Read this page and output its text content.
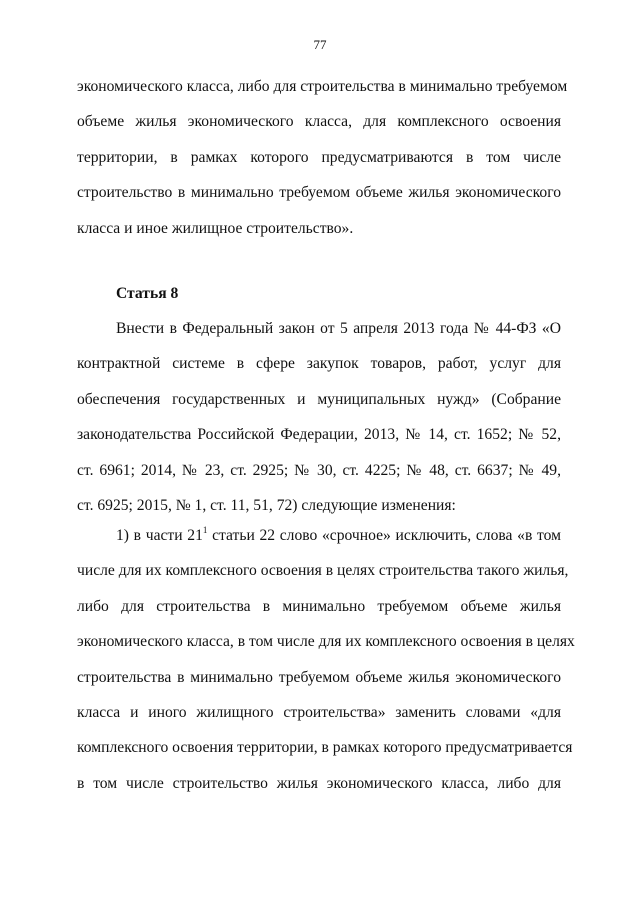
77
экономического класса, либо для строительства в минимально требуемом
объеме жилья экономического класса, для комплексного освоения
территории, в рамках которого предусматриваются в том числе
строительство в минимально требуемом объеме жилья экономического
класса и иное жилищное строительство».
Статья 8
Внести в Федеральный закон от 5 апреля 2013 года № 44-ФЗ «О
контрактной системе в сфере закупок товаров, работ, услуг для
обеспечения государственных и муниципальных нужд» (Собрание
законодательства Российской Федерации, 2013, № 14, ст. 1652; № 52,
ст. 6961; 2014, № 23, ст. 2925; № 30, ст. 4225; № 48, ст. 6637; № 49,
ст. 6925; 2015, № 1, ст. 11, 51, 72) следующие изменения:
1) в части $21^1$ статьи 22 слово «срочное» исключить, слова «в том
числе для их комплексного освоения в целях строительства такого жилья,
либо для строительства в минимально требуемом объеме жилья
экономического класса, в том числе для их комплексного освоения в целях
строительства в минимально требуемом объеме жилья экономического
класса и иного жилищного строительства» заменить словами «для
комплексного освоения территории, в рамках которого предусматривается
в том числе строительство жилья экономического класса, либо для
